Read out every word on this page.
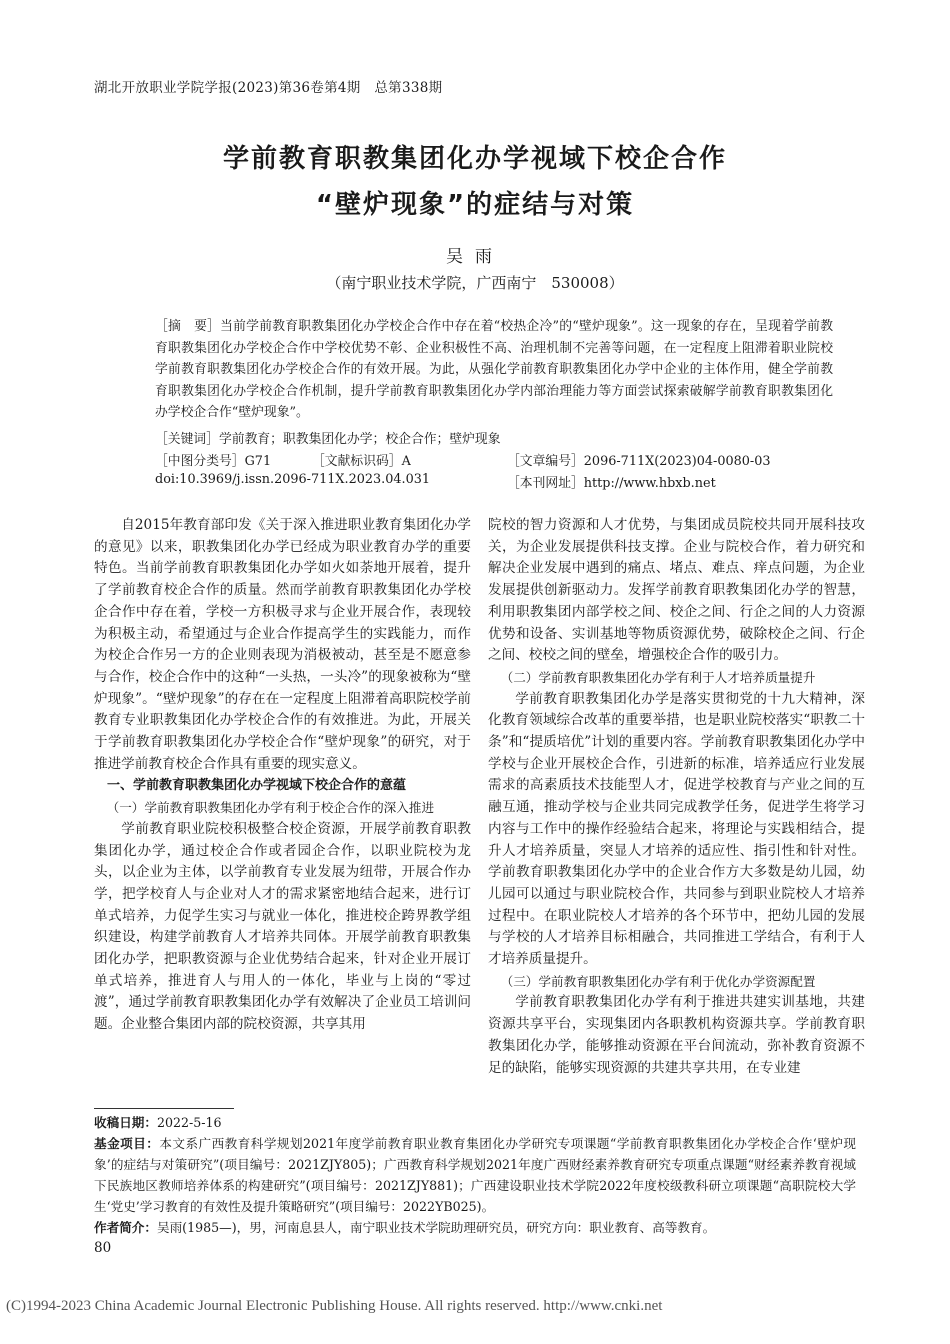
湖北开放职业学院学报(2023)第36卷第4期　总第338期
学前教育职教集团化办学视域下校企合作
“壁炉现象”的症结与对策
吴雨
（南宁职业技术学院，广西南宁　530008）
［摘　要］当前学前教育职教集团化办学校企合作中存在着“校热企冷”的“壁炉现象”。这一现象的存在，呈现着学前教育职教集团化办学校企合作中学校优势不彰、企业积极性不高、治理机制不完善等问题，在一定程度上阻滞着职业院校学前教育职教集团化办学校企合作的有效开展。为此，从强化学前教育职教集团化办学中企业的主体作用，健全学前教育职教集团化办学校企合作机制，提升学前教育职教集团化办学内部治理能力等方面尝试探索破解学前教育职教集团化办学校企合作“壁炉现象”。
［关键词］学前教育；职教集团化办学；校企合作；壁炉现象
［中图分类号］G71	［文献标识码］A	［文章编号］2096-711X(2023)04-0080-03
doi:10.3969/j.issn.2096-711X.2023.04.031	［本刊网址］http://www.hbxb.net

自2015年教育部印发《关于深入推进职业教育集团化办学的意见》以来，职教集团化办学已经成为职业教育办学的重要特色。当前学前教育职教集团化办学如火如荼地开展着，提升了学前教育校企合作的质量。然而学前教育职教集团化办学校企合作中存在着，学校一方积极寻求与企业开展合作，表现较为积极主动，希望通过与企业合作提高学生的实践能力，而作为校企合作另一方的企业则表现为消极被动，甚至是不愿意参与合作，校企合作中的这种“一头热，一头冷”的现象被称为“壁炉现象”。“壁炉现象”的存在在一定程度上阻滞着高职院校学前教育专业职教集团化办学校企合作的有效推进。为此，开展关于学前教育职教集团化办学校企合作“壁炉现象”的研究，对于推进学前教育校企合作具有重要的现实意义。

一、学前教育职教集团化办学视域下校企合作的意蕴

（一）学前教育职教集团化办学有利于校企合作的深入推进

学前教育职业院校积极整合校企资源，开展学前教育职教集团化办学，通过校企合作或者园企合作，以职业院校为龙头，以企业为主体，以学前教育专业发展为纽带，开展合作办学，把学校育人与企业对人才的需求紧密地结合起来，进行订单式培养，力促学生实习与就业一体化，推进校企跨界教学组织建设，构建学前教育人才培养共同体。开展学前教育职教集团化办学，把职教资源与企业优势结合起来，针对企业开展订单式培养，推进育人与用人的一体化，毕业与上岗的“零过渡”，通过学前教育职教集团化办学有效解决了企业员工培训问题。企业整合集团内部的院校资源，共享其用

院校的智力资源和人才优势，与集团成员院校共同开展科技攻关，为企业发展提供科技支撑。企业与院校合作，着力研究和解决企业发展中遇到的痛点、堵点、难点、痒点问题，为企业发展提供创新驱动力。发挥学前教育职教集团化办学的智慧，利用职教集团内部学校之间、校企之间、行企之间的人力资源优势和设备、实训基地等物质资源优势，破除校企之间、行企之间、校校之间的壁垒，增强校企合作的吸引力。

（二）学前教育职教集团化办学有利于人才培养质量提升

学前教育职教集团化办学是落实贯彻党的十九大精神，深化教育领域综合改革的重要举措，也是职业院校落实“职教二十条”和“提质培优”计划的重要内容。学前教育职教集团化办学中学校与企业开展校企合作，引进新的标准，培养适应行业发展需求的高素质技术技能型人才，促进学校教育与产业之间的互融互通，推动学校与企业共同完成教学任务，促进学生将学习内容与工作中的操作经验结合起来，将理论与实践相结合，提升人才培养质量，突显人才培养的适应性、指引性和针对性。学前教育职教集团化办学中的企业合作方大多数是幼儿园，幼儿园可以通过与职业院校合作，共同参与到职业院校人才培养过程中。在职业院校人才培养的各个环节中，把幼儿园的发展与学校的人才培养目标相融合，共同推进工学结合，有利于人才培养质量提升。

（三）学前教育职教集团化办学有利于优化办学资源配置

学前教育职教集团化办学有利于推进共建实训基地，共建资源共享平台，实现集团内各职教机构资源共享。学前教育职教集团化办学，能够推动资源在平台间流动，弥补教育资源不足的缺陷，能够实现资源的共建共享共用，在专业建

收稿日期：2022-5-16
基金项目：本文系广西教育科学规划2021年度学前教育职业教育集团化办学研究专项课题“学前教育职教集团化办学校企合作‘壁炉现象’的症结与对策研究”(项目编号：2021ZJY805)；广西教育科学规划2021年度广西财经素养教育研究专项重点课题“财经素养教育视域下民族地区教师培养体系的构建研究”(项目编号：2021ZJY881)；广西建设职业技术学院2022年度校级教科研立项课题“高职院校大学生‘党史’学习教育的有效性及提升策略研究”(项目编号：2022YB025)。
作者简介：吴雨(1985—)，男，河南息县人，南宁职业技术学院助理研究员，研究方向：职业教育、高等教育。
80
(C)1994-2023 China Academic Journal Electronic Publishing House. All rights reserved. http://www.cnki.net
